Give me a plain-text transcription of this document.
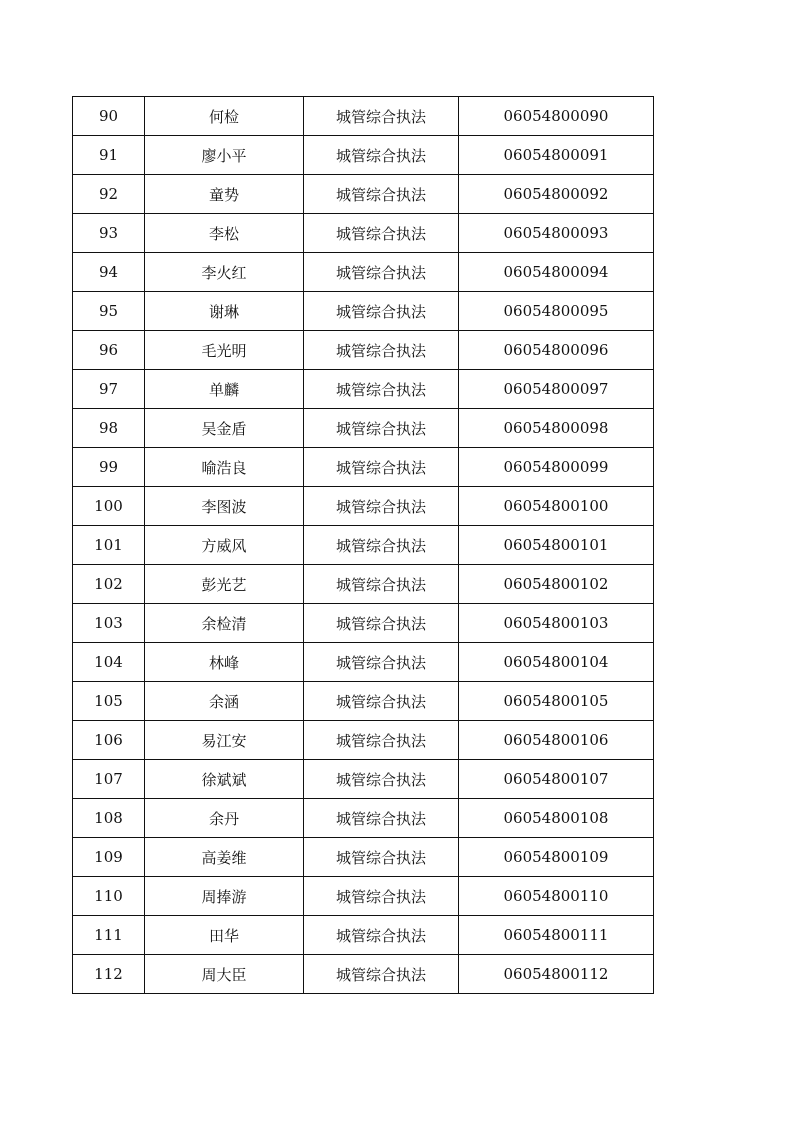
90	何检	城管综合执法	06054800090
91	廖小平	城管综合执法	06054800091
92	童势	城管综合执法	06054800092
93	李松	城管综合执法	06054800093
94	李火红	城管综合执法	06054800094
95	谢琳	城管综合执法	06054800095
96	毛光明	城管综合执法	06054800096
97	单麟	城管综合执法	06054800097
98	吴金盾	城管综合执法	06054800098
99	喻浩良	城管综合执法	06054800099
100	李图波	城管综合执法	06054800100
101	方威风	城管综合执法	06054800101
102	彭光艺	城管综合执法	06054800102
103	余检清	城管综合执法	06054800103
104	林峰	城管综合执法	06054800104
105	余涵	城管综合执法	06054800105
106	易江安	城管综合执法	06054800106
107	徐斌斌	城管综合执法	06054800107
108	余丹	城管综合执法	06054800108
109	高姜维	城管综合执法	06054800109
110	周捧游	城管综合执法	06054800110
111	田华	城管综合执法	06054800111
112	周大臣	城管综合执法	06054800112
